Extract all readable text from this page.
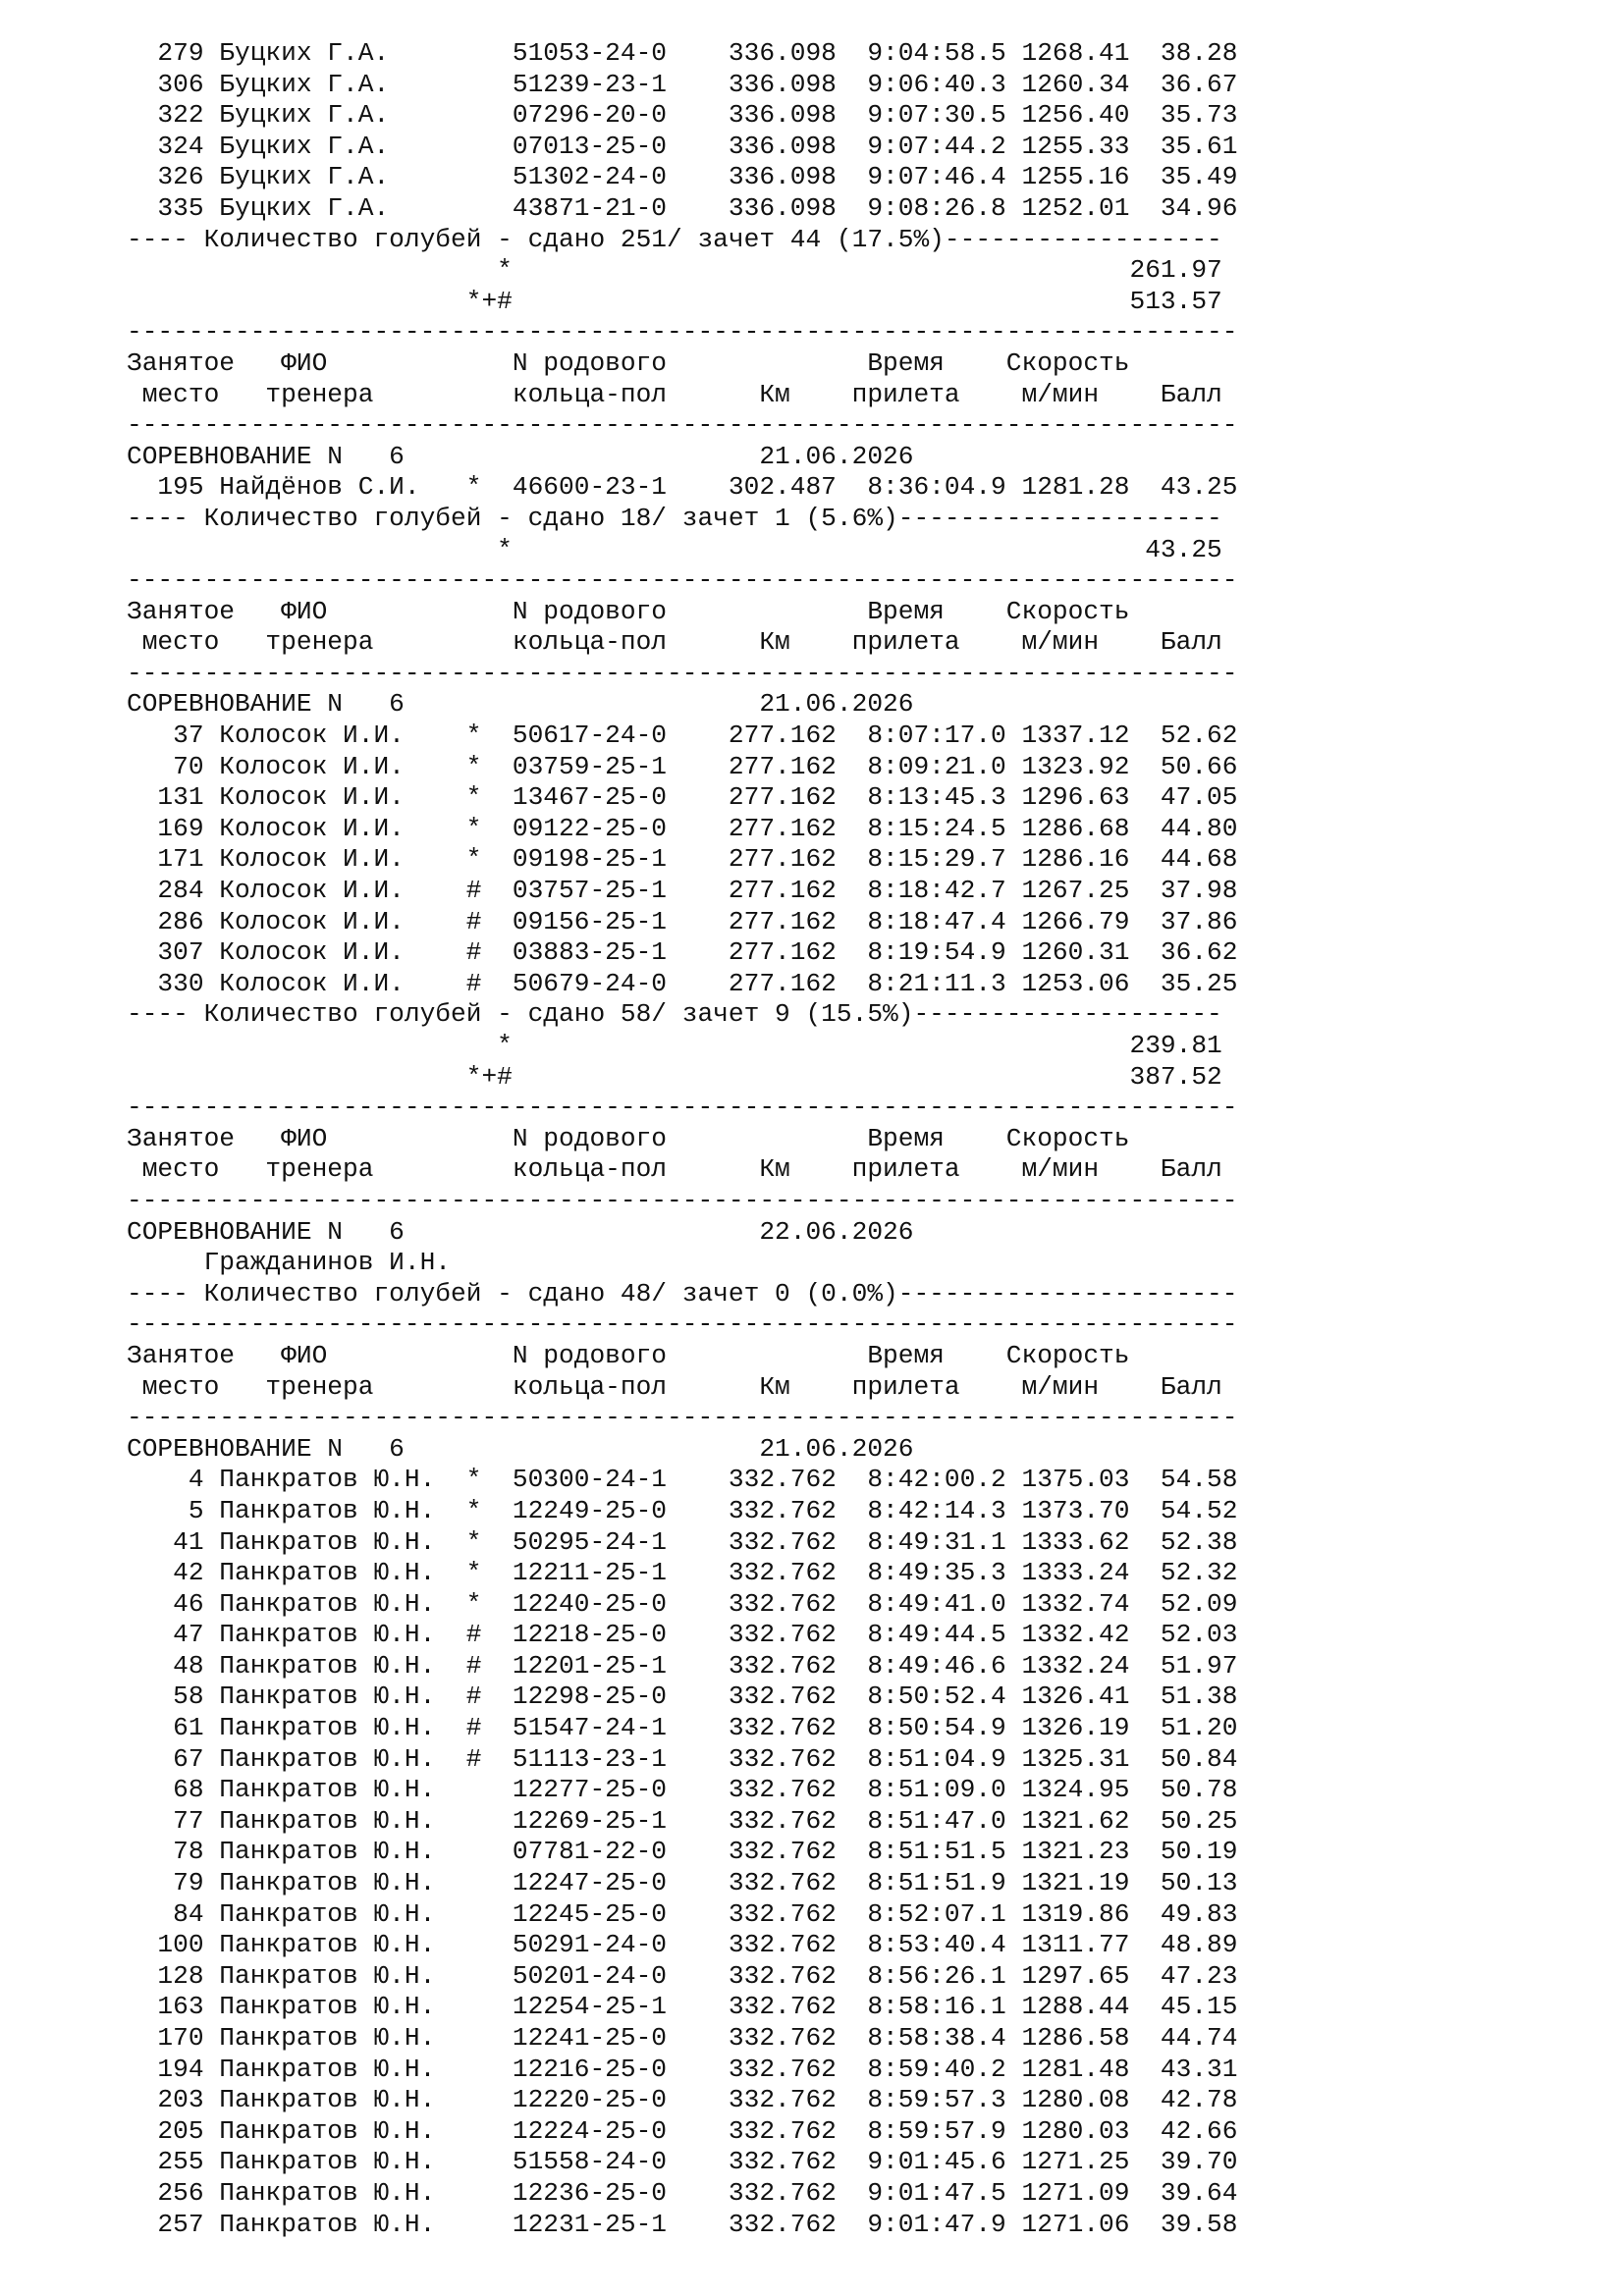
279 Буцких Г.А.        51053-24-0    336.098  9:04:58.5 1268.41  38.28
306 Буцких Г.А.        51239-23-1    336.098  9:06:40.3 1260.34  36.67
322 Буцких Г.А.        07296-20-0    336.098  9:07:30.5 1256.40  35.73
324 Буцких Г.А.        07013-25-0    336.098  9:07:44.2 1255.33  35.61
326 Буцких Г.А.        51302-24-0    336.098  9:07:46.4 1255.16  35.49
335 Буцких Г.А.        43871-21-0    336.098  9:08:26.8 1252.01  34.96
---- Количество голубей - сдано 251/ зачет 44 (17.5%)------------------
*                                        261.97
*+#                                        513.57
------------------------------------------------------------------------
Занятое   ФИО            N родового             Время    Скорость
место   тренера         кольца-пол      Км    прилета    м/мин    Балл
------------------------------------------------------------------------
СОРЕВНОВАНИЕ N   6                       21.06.2026
195 Найдёнов С.И.   *  46600-23-1    302.487  8:36:04.9 1281.28  43.25
---- Количество голубей - сдано 18/ зачет 1 (5.6%)---------------------
*                                         43.25
------------------------------------------------------------------------
Занятое   ФИО            N родового             Время    Скорость
место   тренера         кольца-пол      Км    прилета    м/мин    Балл
------------------------------------------------------------------------
СОРЕВНОВАНИЕ N   6                       21.06.2026
37 Колосок И.И.    *  50617-24-0    277.162  8:07:17.0 1337.12  52.62
70 Колосок И.И.    *  03759-25-1    277.162  8:09:21.0 1323.92  50.66
131 Колосок И.И.    *  13467-25-0    277.162  8:13:45.3 1296.63  47.05
169 Колосок И.И.    *  09122-25-0    277.162  8:15:24.5 1286.68  44.80
171 Колосок И.И.    *  09198-25-1    277.162  8:15:29.7 1286.16  44.68
284 Колосок И.И.    #  03757-25-1    277.162  8:18:42.7 1267.25  37.98
286 Колосок И.И.    #  09156-25-1    277.162  8:18:47.4 1266.79  37.86
307 Колосок И.И.    #  03883-25-1    277.162  8:19:54.9 1260.31  36.62
330 Колосок И.И.    #  50679-24-0    277.162  8:21:11.3 1253.06  35.25
---- Количество голубей - сдано 58/ зачет 9 (15.5%)--------------------
*                                        239.81
*+#                                        387.52
------------------------------------------------------------------------
Занятое   ФИО            N родового             Время    Скорость
место   тренера         кольца-пол      Км    прилета    м/мин    Балл
------------------------------------------------------------------------
СОРЕВНОВАНИЕ N   6                       22.06.2026
Гражданинов И.Н.
---- Количество голубей - сдано 48/ зачет 0 (0.0%)----------------------
------------------------------------------------------------------------
Занятое   ФИО            N родового             Время    Скорость
место   тренера         кольца-пол      Км    прилета    м/мин    Балл
------------------------------------------------------------------------
СОРЕВНОВАНИЕ N   6                       21.06.2026
4 Панкратов Ю.Н.  *  50300-24-1    332.762  8:42:00.2 1375.03  54.58
5 Панкратов Ю.Н.  *  12249-25-0    332.762  8:42:14.3 1373.70  54.52
41 Панкратов Ю.Н.  *  50295-24-1    332.762  8:49:31.1 1333.62  52.38
42 Панкратов Ю.Н.  *  12211-25-1    332.762  8:49:35.3 1333.24  52.32
46 Панкратов Ю.Н.  *  12240-25-0    332.762  8:49:41.0 1332.74  52.09
47 Панкратов Ю.Н.  #  12218-25-0    332.762  8:49:44.5 1332.42  52.03
48 Панкратов Ю.Н.  #  12201-25-1    332.762  8:49:46.6 1332.24  51.97
58 Панкратов Ю.Н.  #  12298-25-0    332.762  8:50:52.4 1326.41  51.38
61 Панкратов Ю.Н.  #  51547-24-1    332.762  8:50:54.9 1326.19  51.20
67 Панкратов Ю.Н.  #  51113-23-1    332.762  8:51:04.9 1325.31  50.84
68 Панкратов Ю.Н.     12277-25-0    332.762  8:51:09.0 1324.95  50.78
77 Панкратов Ю.Н.     12269-25-1    332.762  8:51:47.0 1321.62  50.25
78 Панкратов Ю.Н.     07781-22-0    332.762  8:51:51.5 1321.23  50.19
79 Панкратов Ю.Н.     12247-25-0    332.762  8:51:51.9 1321.19  50.13
84 Панкратов Ю.Н.     12245-25-0    332.762  8:52:07.1 1319.86  49.83
100 Панкратов Ю.Н.     50291-24-0    332.762  8:53:40.4 1311.77  48.89
128 Панкратов Ю.Н.     50201-24-0    332.762  8:56:26.1 1297.65  47.23
163 Панкратов Ю.Н.     12254-25-1    332.762  8:58:16.1 1288.44  45.15
170 Панкратов Ю.Н.     12241-25-0    332.762  8:58:38.4 1286.58  44.74
194 Панкратов Ю.Н.     12216-25-0    332.762  8:59:40.2 1281.48  43.31
203 Панкратов Ю.Н.     12220-25-0    332.762  8:59:57.3 1280.08  42.78
205 Панкратов Ю.Н.     12224-25-0    332.762  8:59:57.9 1280.03  42.66
255 Панкратов Ю.Н.     51558-24-0    332.762  9:01:45.6 1271.25  39.70
256 Панкратов Ю.Н.     12236-25-0    332.762  9:01:47.5 1271.09  39.64
257 Панкратов Ю.Н.     12231-25-1    332.762  9:01:47.9 1271.06  39.58
